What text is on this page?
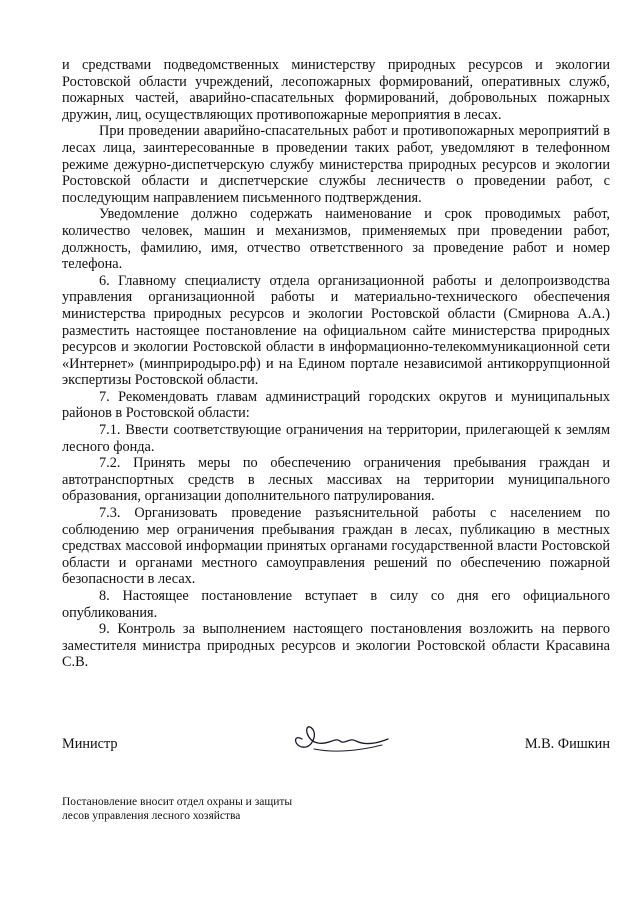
и средствами подведомственных министерству природных ресурсов и экологии Ростовской области учреждений, лесопожарных формирований, оперативных служб, пожарных частей, аварийно-спасательных формирований, добровольных пожарных дружин, лиц, осуществляющих противопожарные мероприятия в лесах.

При проведении аварийно-спасательных работ и противопожарных мероприятий в лесах лица, заинтересованные в проведении таких работ, уведомляют в телефонном режиме дежурно-диспетчерскую службу министерства природных ресурсов и экологии Ростовской области и диспетчерские службы лесничеств о проведении работ, с последующим направлением письменного подтверждения.

Уведомление должно содержать наименование и срок проводимых работ, количество человек, машин и механизмов, применяемых при проведении работ, должность, фамилию, имя, отчество ответственного за проведение работ и номер телефона.

6. Главному специалисту отдела организационной работы и делопроизводства управления организационной работы и материально-технического обеспечения министерства природных ресурсов и экологии Ростовской области (Смирнова А.А.) разместить настоящее постановление на официальном сайте министерства природных ресурсов и экологии Ростовской области в информационно-телекоммуникационной сети «Интернет» (минприродыро.рф) и на Едином портале независимой антикоррупционной экспертизы Ростовской области.

7. Рекомендовать главам администраций городских округов и муниципальных районов в Ростовской области:

7.1. Ввести соответствующие ограничения на территории, прилегающей к землям лесного фонда.

7.2. Принять меры по обеспечению ограничения пребывания граждан и автотранспортных средств в лесных массивах на территории муниципального образования, организации дополнительного патрулирования.

7.3. Организовать проведение разъяснительной работы с населением по соблюдению мер ограничения пребывания граждан в лесах, публикацию в местных средствах массовой информации принятых органами государственной власти Ростовской области и органами местного самоуправления решений по обеспечению пожарной безопасности в лесах.

8. Настоящее постановление вступает в силу со дня его официального опубликования.

9. Контроль за выполнением настоящего постановления возложить на первого заместителя министра природных ресурсов и экологии Ростовской области Красавина С.В.

Министр	М.В. Фишкин
Постановление вносит отдел охраны и защиты
лесов управления лесного хозяйства
